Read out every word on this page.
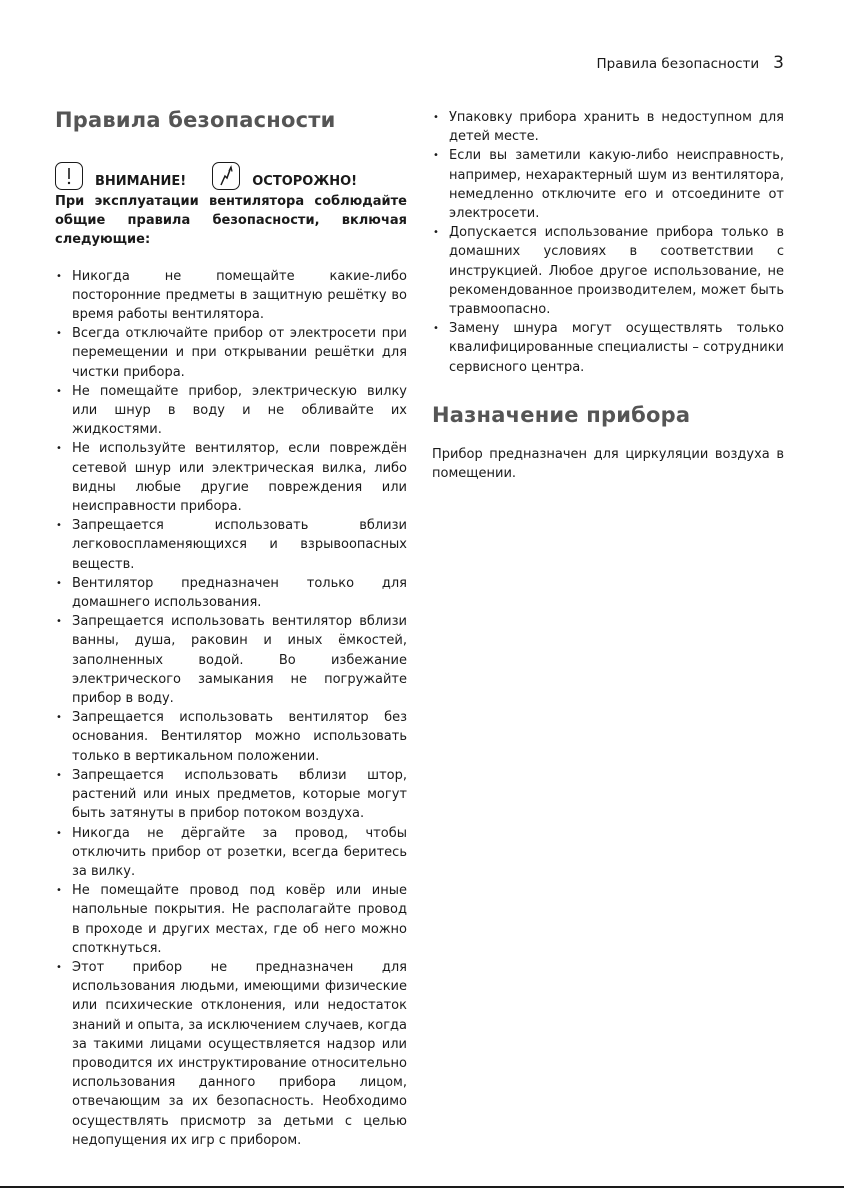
Правила безопасности 3
Правила безопасности
ВНИМАНИЕ!	ОСТОРОЖНО!
При эксплуатации вентилятора соблюдайте общие правила безопасности, включая следующие:
• Никогда не помещайте какие-либо посторонние предметы в защитную решётку во время работы вентилятора.
• Всегда отключайте прибор от электросети при перемещении и при открывании решётки для чистки прибора.
• Не помещайте прибор, электрическую вилку или шнур в воду и не обливайте их жидкостями.
• Не используйте вентилятор, если повреждён сетевой шнур или электрическая вилка, либо видны любые другие повреждения или неисправности прибора.
• Запрещается использовать вблизи легковоспламеняющихся и взрывоопасных веществ.
• Вентилятор предназначен только для домашнего использования.
• Запрещается использовать вентилятор вблизи ванны, душа, раковин и иных ёмкостей, заполненных водой. Во избежание электрического замыкания не погружайте прибор в воду.
• Запрещается использовать вентилятор без основания. Вентилятор можно использовать только в вертикальном положении.
• Запрещается использовать вблизи штор, растений или иных предметов, которые могут быть затянуты в прибор потоком воздуха.
• Никогда не дёргайте за провод, чтобы отключить прибор от розетки, всегда беритесь за вилку.
• Не помещайте провод под ковёр или иные напольные покрытия. Не располагайте провод в проходе и других местах, где об него можно споткнуться.
• Этот прибор не предназначен для использования людьми, имеющими физические или психические отклонения, или недостаток знаний и опыта, за исключением случаев, когда за такими лицами осуществляется надзор или проводится их инструктирование относительно использования данного прибора лицом, отвечающим за их безопасность. Необходимо осуществлять присмотр за детьми с целью недопущения их игр с прибором.
• Упаковку прибора хранить в недоступном для детей месте.
• Если вы заметили какую-либо неисправность, например, нехарактерный шум из вентилятора, немедленно отключите его и отсоедините от электросети.
• Допускается использование прибора только в домашних условиях в соответствии с инструкцией. Любое другое использование, не рекомендованное производителем, может быть травмоопасно.
• Замену шнура могут осуществлять только квалифицированные специалисты – сотрудники сервисного центра.
Назначение прибора
Прибор предназначен для циркуляции воздуха в помещении.
